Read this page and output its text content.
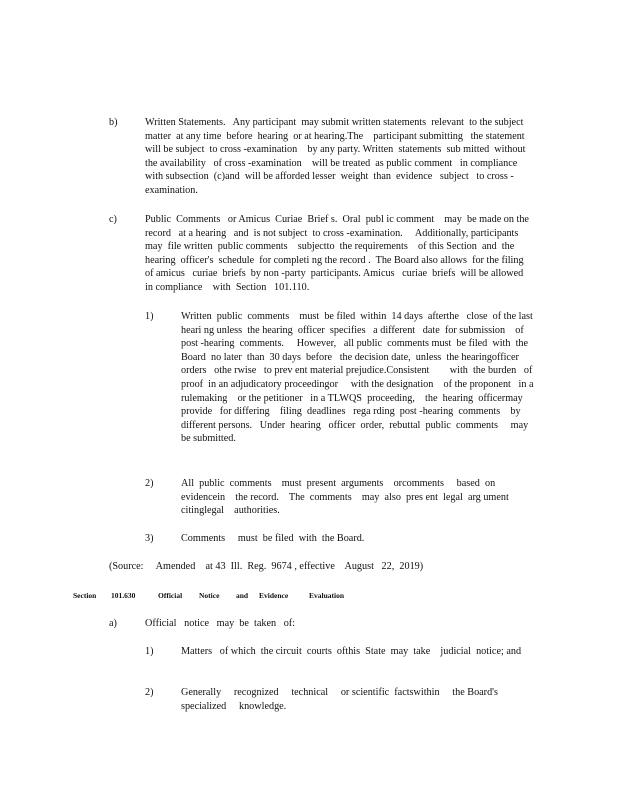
b)	Written Statements.   Any participant  may submit written statements  relevant  to the subject  matter  at any time  before  hearing  or at hearing.The    participant submitting   the statement   will be subject  to cross -examination    by any party. Written  statements  sub mitted  without  the availability   of cross -examination    will be treated  as public comment   in compliance    with subsection  (c)and  will be afforded lesser  weight  than  evidence   subject   to cross -examination.
c)	Public  Comments   or Amicus  Curiae  Brief s.  Oral  publ ic comment    may  be made on the record   at a hearing   and  is not subject  to cross -examination.     Additionally, participants   may  file written  public comments    subjectto  the requirements    of this Section  and  the hearing  officer's  schedule  for completi ng the record .  The Board also allows  for the filing of amicus   curiae  briefs  by non -party  participants. Amicus   curiae  briefs  will be allowed   in compliance    with  Section   101.110.
1)	Written  public  comments    must  be filed  within  14 days  afterthe   close  of the last  heari ng unless  the hearing  officer  specifies   a different   date  for submission    of post -hearing  comments.     However,   all public  comments must  be filed  with  the Board  no later  than  30 days  before   the decision date,  unless  the hearingofficer     orders   othe rwise   to prev ent material prejudice.Consistent        with  the burden   of proof  in an adjudicatory proceedingor     with the designation    of the proponent   in a rulemaking    or the petitioner   in a TLWQS  proceeding,    the  hearing  officermay    provide   for differing    filing  deadlines   rega rding  post -hearing  comments    by different persons.   Under  hearing   officer  order,  rebuttal  public  comments     may  be submitted.
2)	All  public  comments    must  present  arguments    orcomments     based  on evidencein    the record.    The  comments    may  also  pres ent  legal  arg ument citinglegal    authorities.
3)	Comments     must  be filed  with  the Board.
(Source:     Amended    at 43  Ill.  Reg.  9674 , effective    August   22,  2019)
Section 101.630	Official Notice and Evidence	Evaluation
a)	Official   notice   may  be  taken   of:
1)	Matters   of which  the circuit  courts  ofthis  State  may  take    judicial  notice; and
2)	Generally     recognized     technical     or scientific  factswithin     the Board's specialized     knowledge.
